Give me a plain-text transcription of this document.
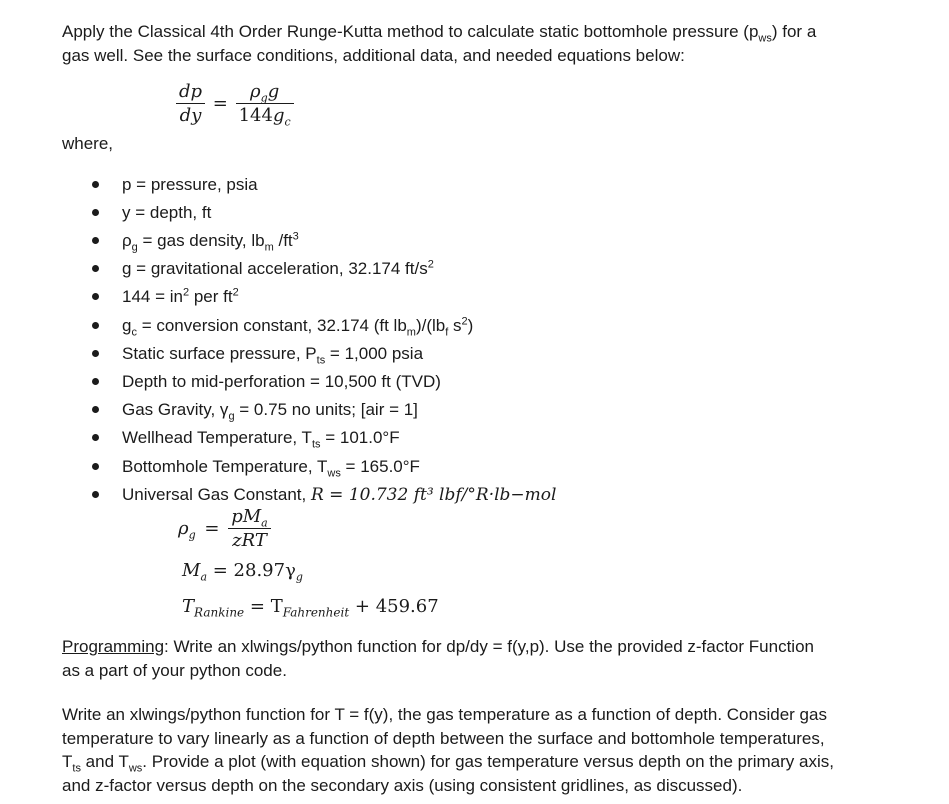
Apply the Classical 4th Order Runge-Kutta method to calculate static bottomhole pressure $(p_{ws})$ for a
gas well. See the surface conditions, additional data, and needed equations below:
$\frac{dp}{dy} = \frac{\rho_gg}{144g_c}$
where,
p = pressure, psia
y = depth, ft
$\rho_g$ = gas density, $lb_m$ $/ft^3$
g = gravitational acceleration, 32.174 $ft/s^2$
$144 = in^2$ per $ft^2$
$g_c$ = conversion constant, 32.174 (ft $lb_m)/(lb_f$ $s^2$)
Static surface pressure, $P_{ts} = 1,000$ psia
Depth to mid-perforation = 10,500 ft (TVD)
Gas Gravity, $\gamma_g = 0.75$ no units; [air = 1]
Wellhead Temperature, $T_{ts} = 101.0^\circ F$
Bottomhole Temperature, $T_{ws} = 165.0^\circ F$
Universal Gas Constant, R = 10.732 ft³ lbf/°R·lb−mol
$\rho_g = \frac{pM_a}{\text{zRT}}$
$M_a = 28.97\gamma_g$
$T_{Rankine} = T_{Fahrenheit} + 459.67$
Programming: Write an xlwings/python function for dp/dy = f(y,p). Use the provided z-factor Function
as a part of your python code.
Write an xlwings/python function for T = f(y), the gas temperature as a function of depth. Consider gas
temperature to vary linearly as a function of depth between the surface and bottomhole temperatures,
$T_{ts}$ and $T_{ws}$. Provide a plot (with equation shown) for gas temperature versus depth on the primary axis,
and z-factor versus depth on the secondary axis (using consistent gridlines, as discussed).
